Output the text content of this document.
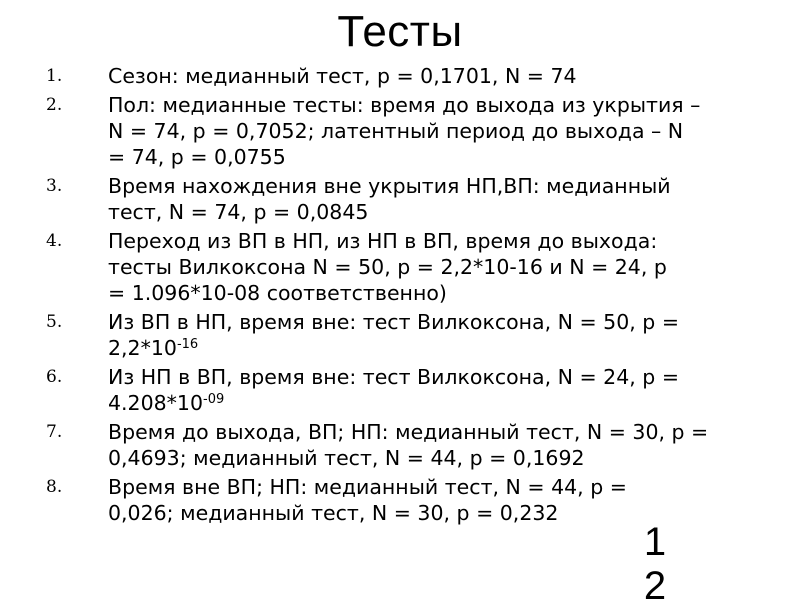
Тесты
1. Сезон: медианный тест, p = 0,1701, N = 74
2. Пол: медианные тесты: время до выхода из укрытия –
N = 74, p = 0,7052; латентный период до выхода – N
= 74, p = 0,0755
3. Время нахождения вне укрытия НП,ВП: медианный
тест, N = 74, p = 0,0845
4. Переход из ВП в НП, из НП в ВП, время до выхода:
тесты Вилкоксона N = 50, p = 2,2*10-16 и N = 24, p
= 1.096*10-08 соответственно)
5. Из ВП в НП, время вне: тест Вилкоксона, N = 50, p =
$2,2*10^{-16}$
6. Из НП в ВП, время вне: тест Вилкоксона, N = 24, p =
$4.208*10^{-09}$
7. Время до выхода, ВП; НП: медианный тест, N = 30, p =
0,4693; медианный тест, N = 44, p = 0,1692
8. Время вне ВП; НП: медианный тест, N = 44, p =
0,026; медианный тест, N = 30, p = 0,232
12
